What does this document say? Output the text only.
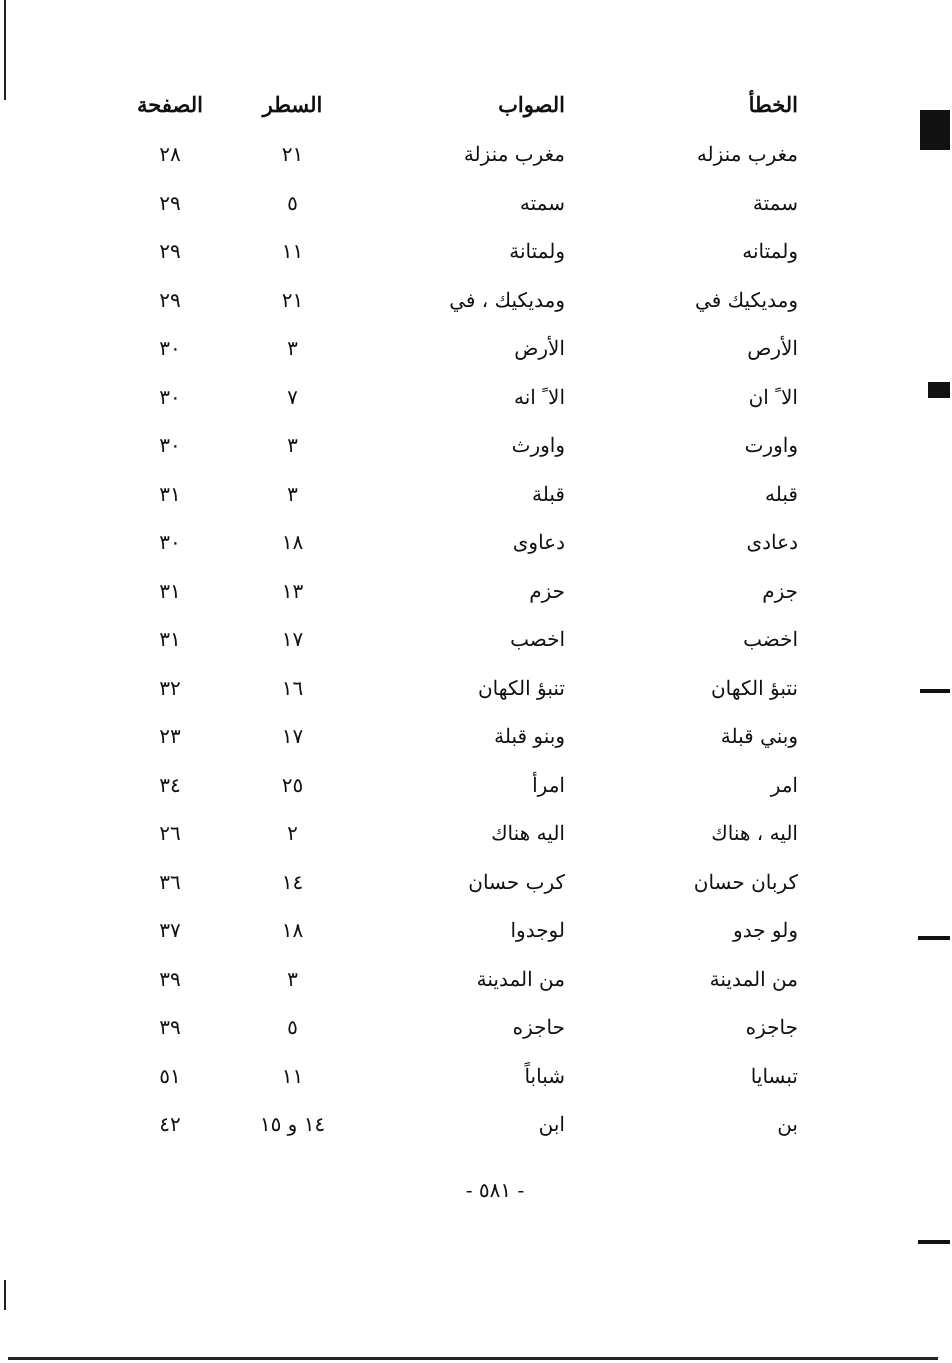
الخطأ
الصواب
السطر
الصفحة
مغرب منزله
مغرب منزلة
٢١
٢٨
سمتة
سمته
٥
٢٩
ولمتانه
ولمتانة
١١
٢٩
ومديكيك في
ومديكيك ، في
٢١
٢٩
الأرص
الأرض
٣
٣٠
الا ً ان
الا ً انه
٧
٣٠
واورت
واورث
٣
٣٠
قبله
قبلة
٣
٣١
دعادى
دعاوى
١٨
٣٠
جزم
حزم
١٣
٣١
اخضب
اخصب
١٧
٣١
نتبؤ الكهان
تنبؤ الكهان
١٦
٣٢
وبني قبلة
وبنو قبلة
١٧
٢٣
امر
امرأ
٢٥
٣٤
اليه ، هناك
اليه هناك
٢
٢٦
كربان حسان
كرب حسان
١٤
٣٦
ولو جدو
لوجدوا
١٨
٣٧
من المدينة
من المدينة
٣
٣٩
جاجزه
حاجزه
٥
٣٩
تبسايا
شباباً
١١
٥١
بن
ابن
١٤ و ١٥
٤٢
- ٥٨١ -
